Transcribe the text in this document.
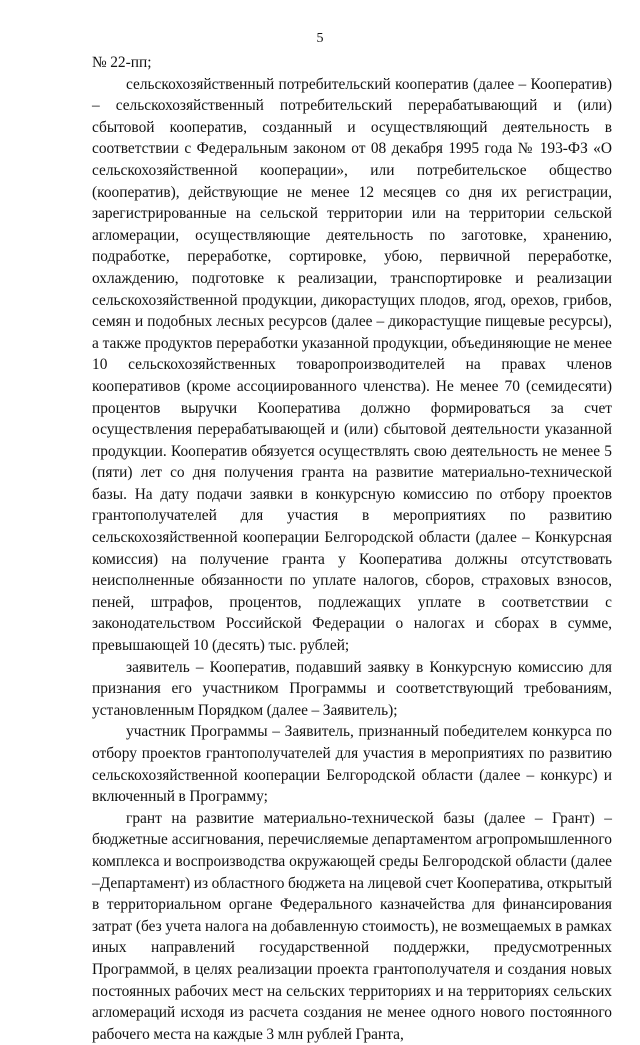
5

№ 22-пп;

сельскохозяйственный потребительский кооператив (далее – Кооператив) – сельскохозяйственный потребительский перерабатывающий и (или) сбытовой кооператив, созданный и осуществляющий деятельность в соответствии с Федеральным законом от 08 декабря 1995 года № 193-ФЗ «О сельскохозяйственной кооперации», или потребительское общество (кооператив), действующие не менее 12 месяцев со дня их регистрации, зарегистрированные на сельской территории или на территории сельской агломерации, осуществляющие деятельность по заготовке, хранению, подработке, переработке, сортировке, убою, первичной переработке, охлаждению, подготовке к реализации, транспортировке и реализации сельскохозяйственной продукции, дикорастущих плодов, ягод, орехов, грибов, семян и подобных лесных ресурсов (далее – дикорастущие пищевые ресурсы), а также продуктов переработки указанной продукции, объединяющие не менее 10 сельскохозяйственных товаропроизводителей на правах членов кооперативов (кроме ассоциированного членства). Не менее 70 (семидесяти) процентов выручки Кооператива должно формироваться за счет осуществления перерабатывающей и (или) сбытовой деятельности указанной продукции. Кооператив обязуется осуществлять свою деятельность не менее 5 (пяти) лет со дня получения гранта на развитие материально-технической базы. На дату подачи заявки в конкурсную комиссию по отбору проектов грантополучателей для участия в мероприятиях по развитию сельскохозяйственной кооперации Белгородской области (далее – Конкурсная комиссия) на получение гранта у Кооператива должны отсутствовать неисполненные обязанности по уплате налогов, сборов, страховых взносов, пеней, штрафов, процентов, подлежащих уплате в соответствии с законодательством Российской Федерации о налогах и сборах в сумме, превышающей 10 (десять) тыс. рублей;

заявитель – Кооператив, подавший заявку в Конкурсную комиссию для признания его участником Программы и соответствующий требованиям, установленным Порядком (далее – Заявитель);

участник Программы – Заявитель, признанный победителем конкурса по отбору проектов грантополучателей для участия в мероприятиях по развитию сельскохозяйственной кооперации Белгородской области (далее – конкурс) и включенный в Программу;

грант на развитие материально-технической базы (далее – Грант) – бюджетные ассигнования, перечисляемые департаментом агропромышленного комплекса и воспроизводства окружающей среды Белгородской области (далее –Департамент) из областного бюджета на лицевой счет Кооператива, открытый в территориальном органе Федерального казначейства для финансирования затрат (без учета налога на добавленную стоимость), не возмещаемых в рамках иных направлений государственной поддержки, предусмотренных Программой, в целях реализации проекта грантополучателя и создания новых постоянных рабочих мест на сельских территориях и на территориях сельских агломераций исходя из расчета создания не менее одного нового постоянного рабочего места на каждые 3 млн рублей Гранта,
